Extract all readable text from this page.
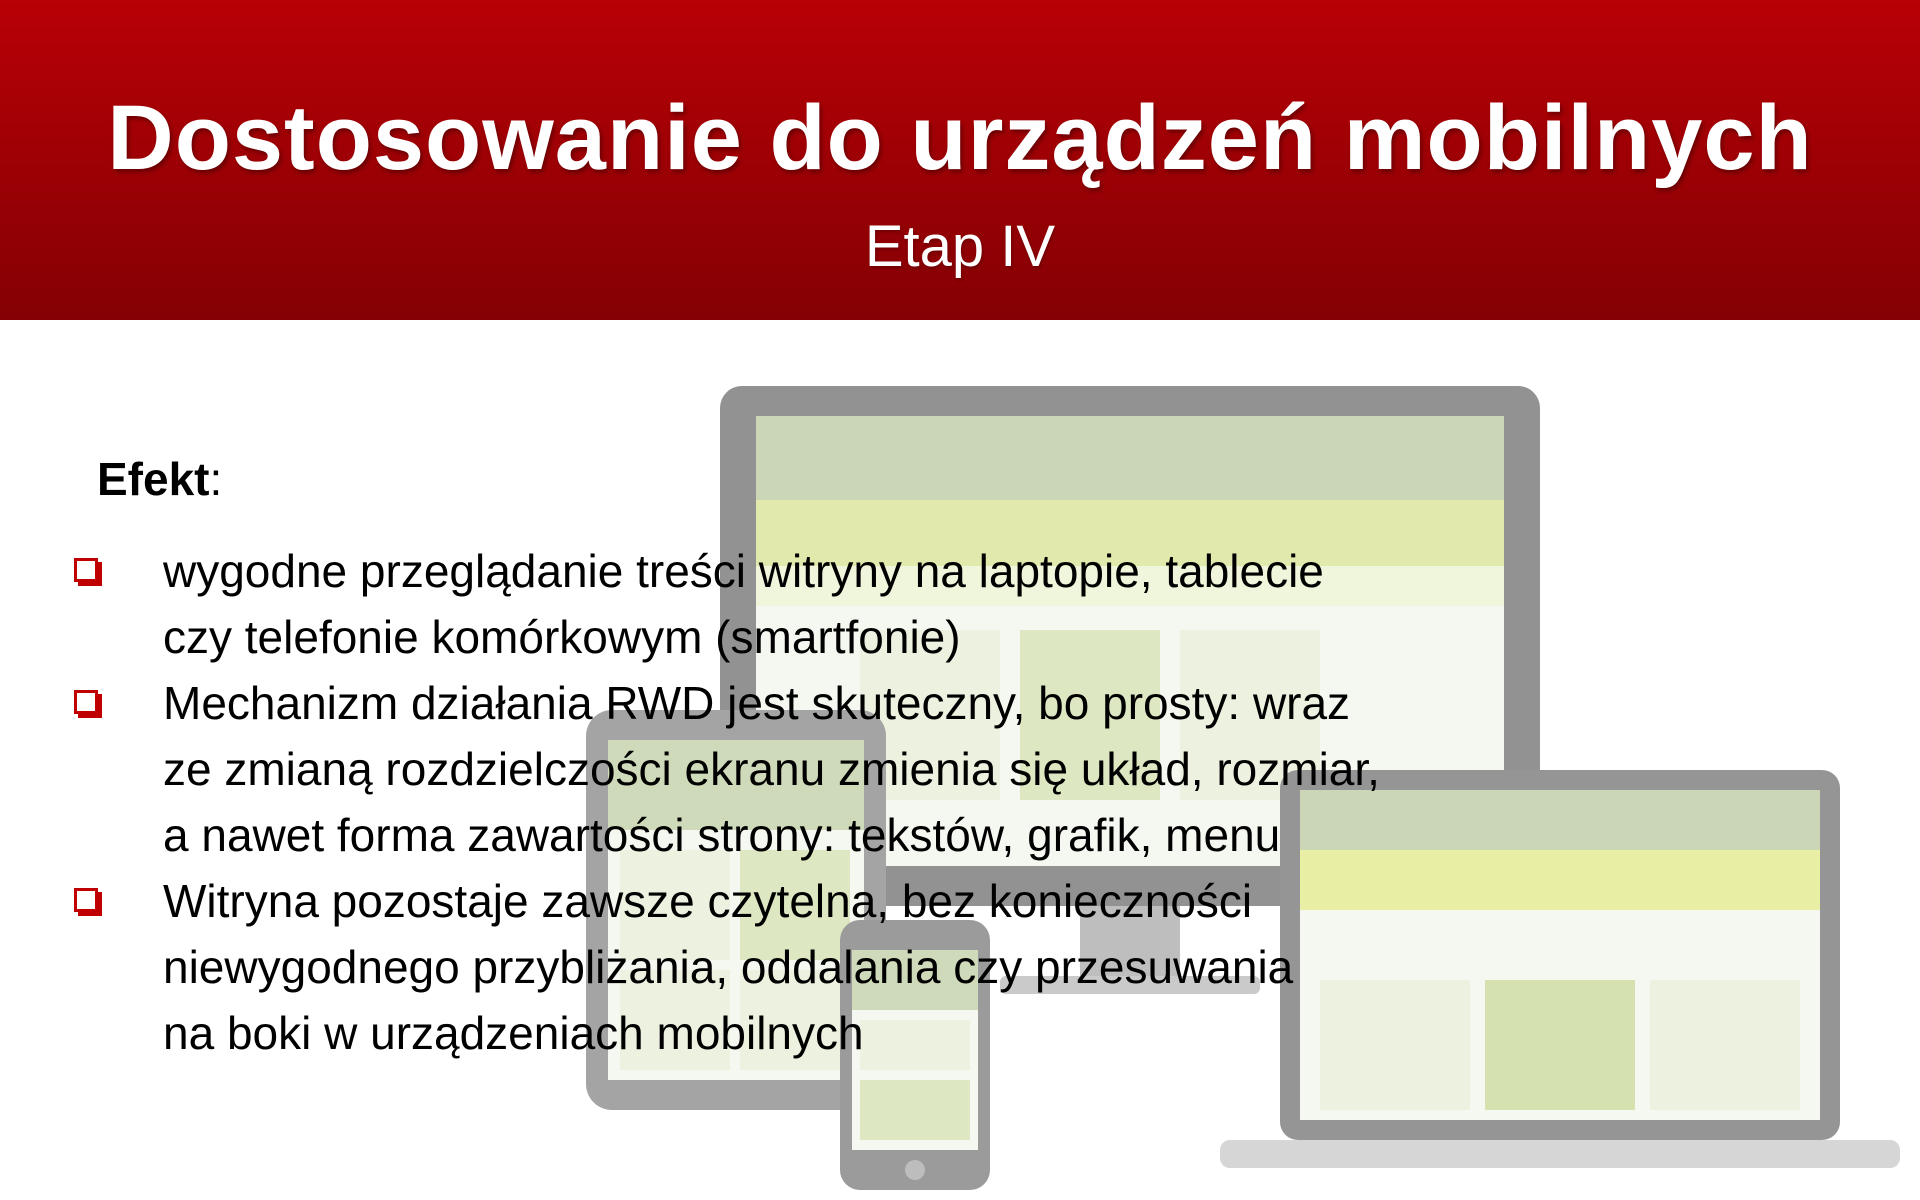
Dostosowanie do urządzeń mobilnych
Etap IV

Efekt:

wygodne przeglądanie treści witryny na laptopie, tablecie
czy telefonie komórkowym (smartfonie)
Mechanizm działania RWD jest skuteczny, bo prosty: wraz
ze zmianą rozdzielczości ekranu zmienia się układ, rozmiar,
a nawet forma zawartości strony: tekstów, grafik, menu
Witryna pozostaje zawsze czytelna, bez konieczności
niewygodnego przybliżania, oddalania czy przesuwania
na boki w urządzeniach mobilnych
